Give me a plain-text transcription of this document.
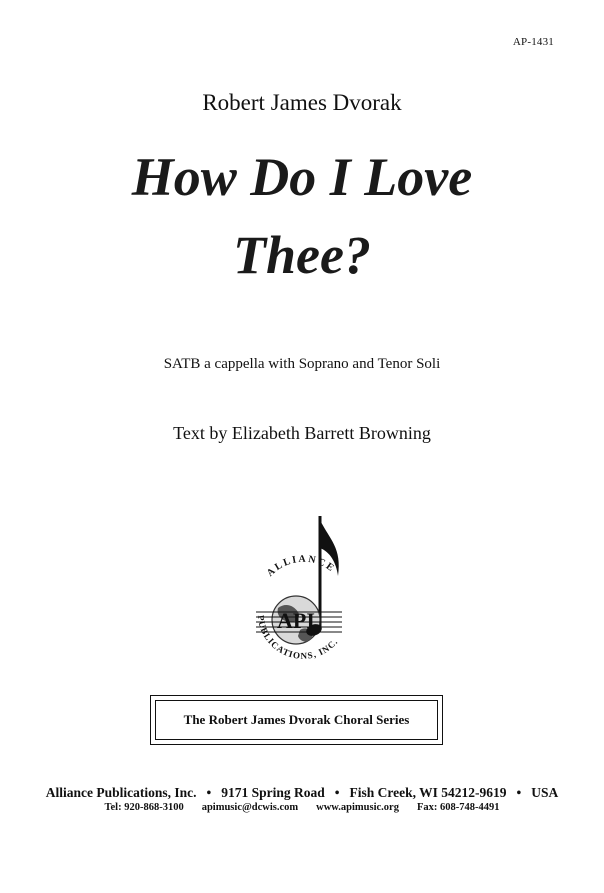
AP-1431
Robert James Dvorak
How Do I Love
Thee?
SATB a cappella with Soprano and Tenor Soli
Text by Elizabeth Barrett Browning
API
ALLIANCE
PUBLICATIONS, INC.
The Robert James Dvorak Choral Series
Alliance Publications, Inc. • 9171 Spring Road • Fish Creek, WI 54212-9619 • USA
Tel: 920-868-3100	apimusic@dcwis.com	www.apimusic.org	Fax: 608-748-4491
